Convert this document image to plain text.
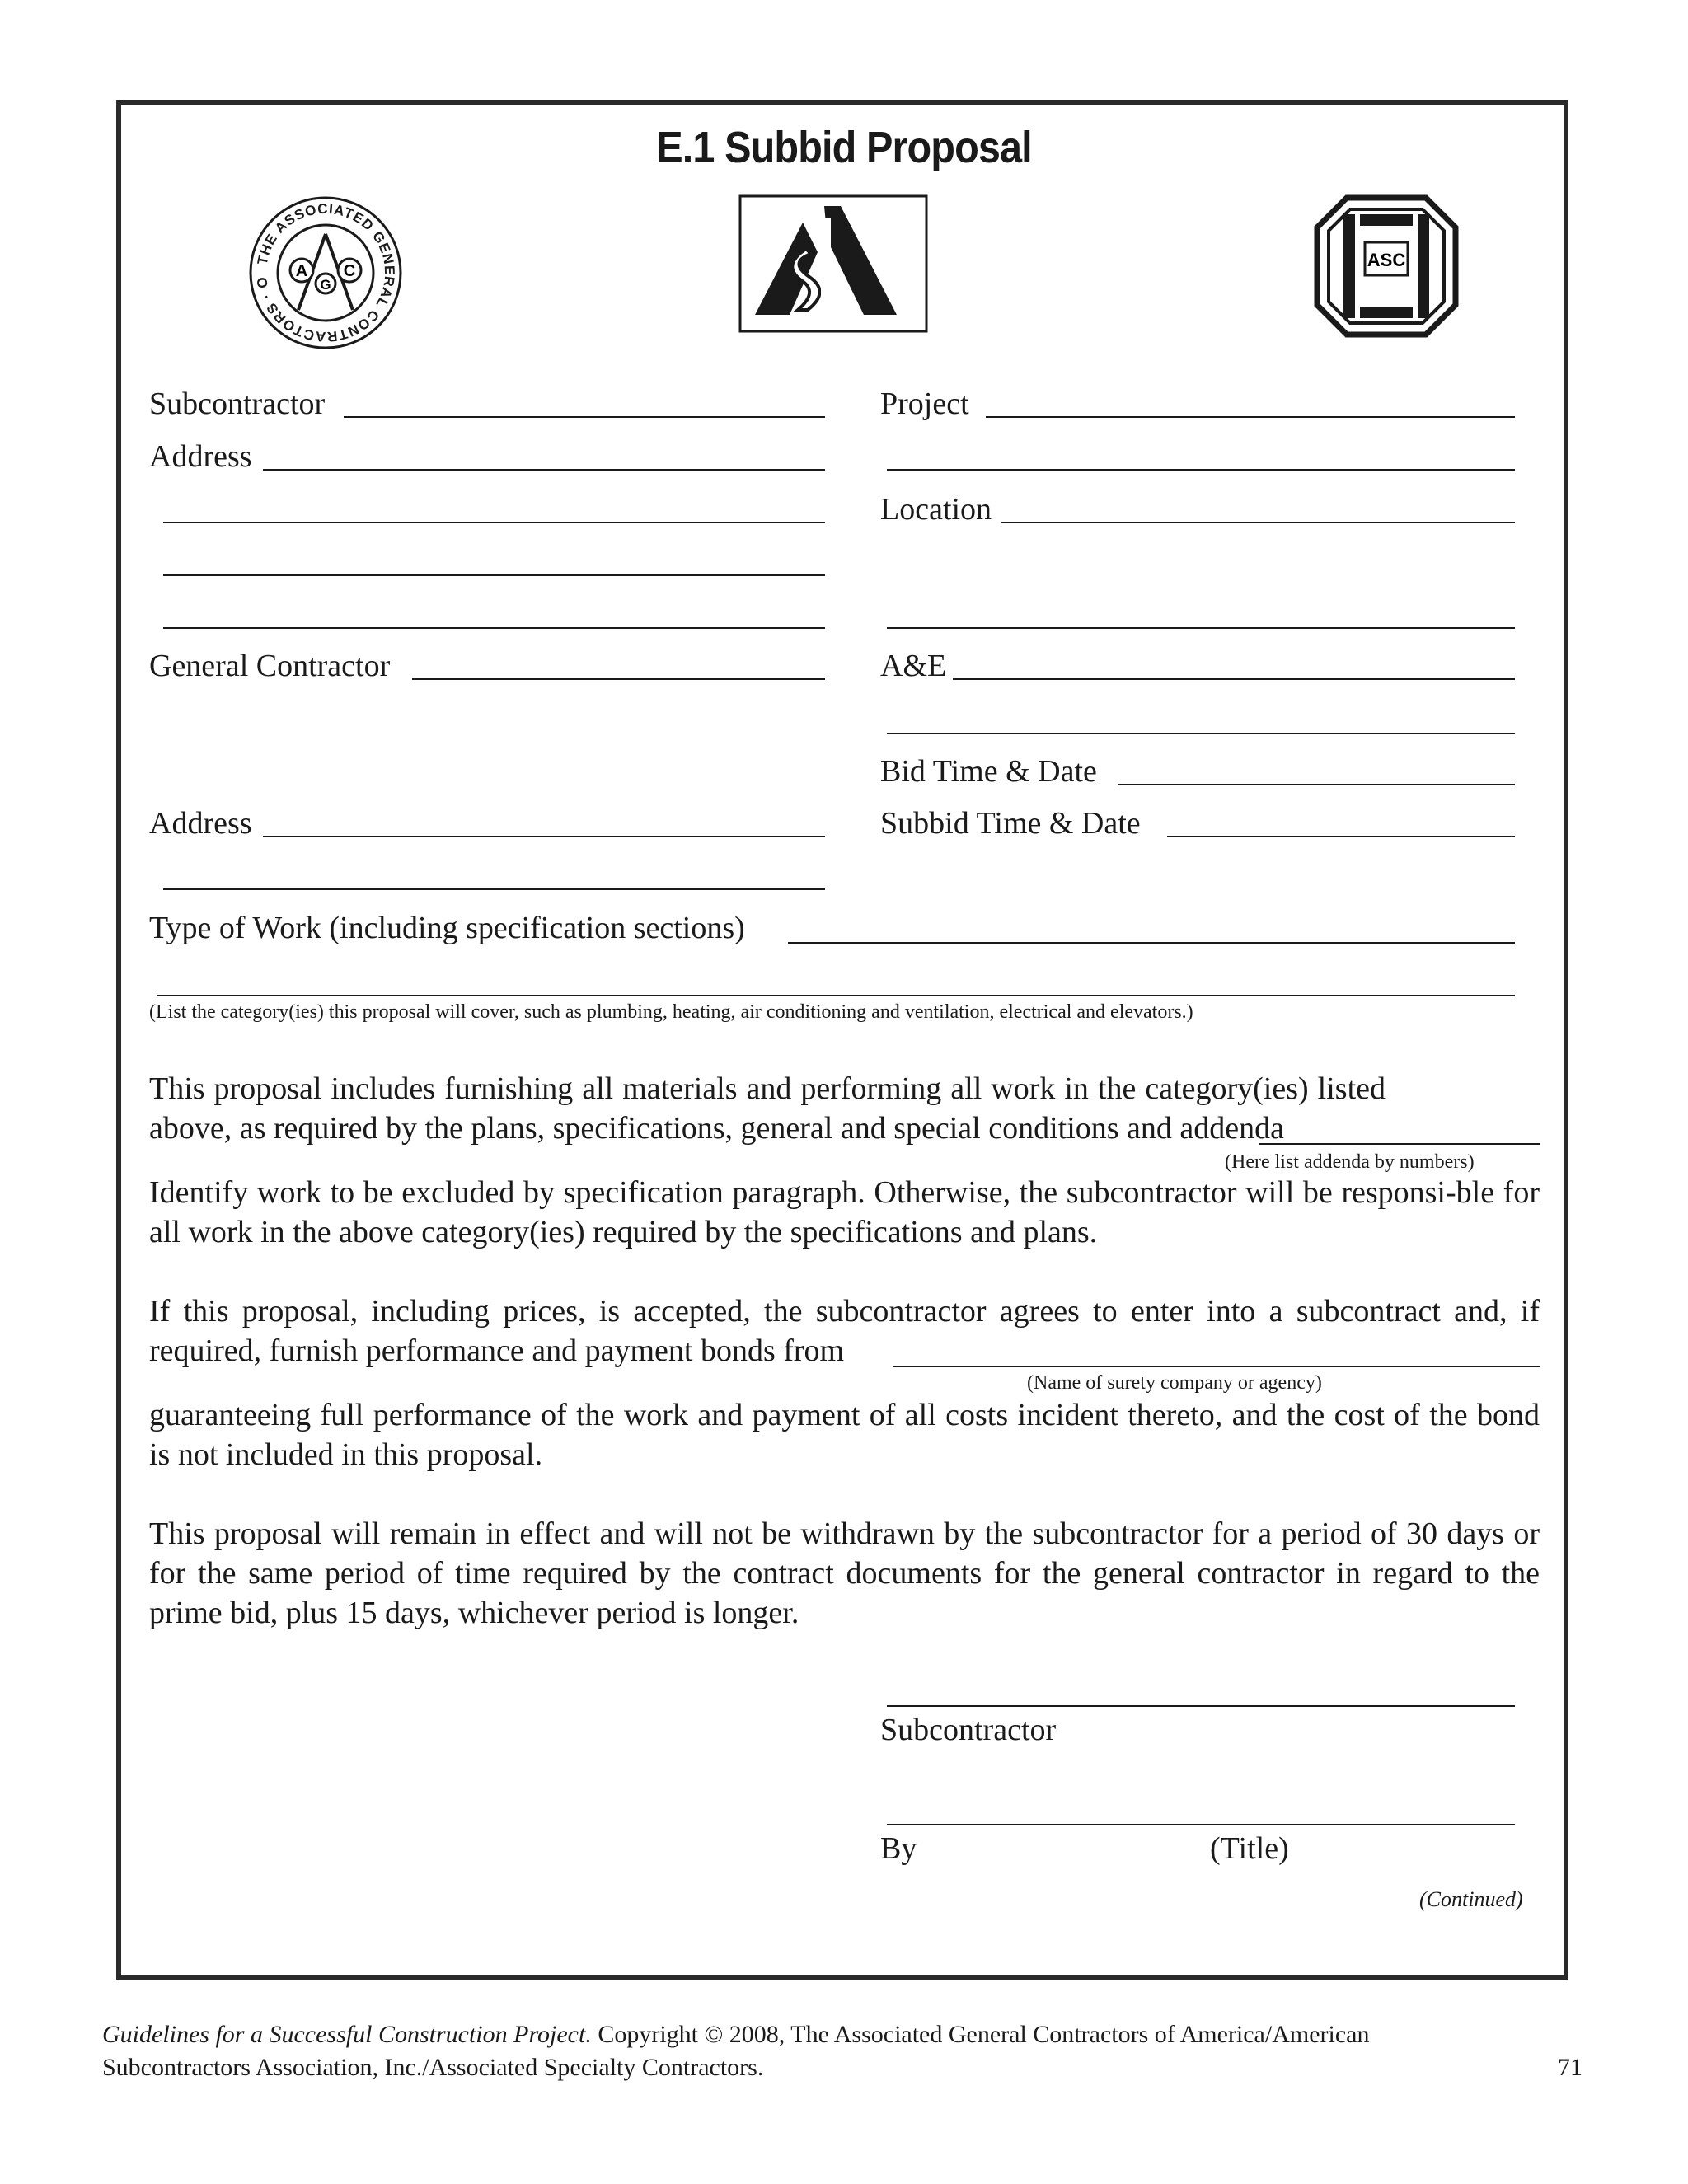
E.1 Subbid Proposal
THE ASSOCIATED GENERAL CONTRACTORS · O
A
G
C
ASC
Subcontractor
Address
General Contractor
Address
Project
Location
A&E
Bid Time & Date
Subbid Time & Date
Type of Work (including specification sections)
(List the category(ies) this proposal will cover, such as plumbing, heating, air conditioning and ventilation, electrical and elevators.)
This proposal includes furnishing all materials and performing all work in the category(ies) listed above, as required by the plans, specifications, general and special conditions and addenda
(Here list addenda by numbers)
Identify work to be excluded by specification paragraph. Otherwise, the subcontractor will be responsi-ble for all work in the above category(ies) required by the specifications and plans.
If this proposal, including prices, is accepted, the subcontractor agrees to enter into a subcontract and, if required, furnish performance and payment bonds from
(Name of surety company or agency)
guaranteeing full performance of the work and payment of all costs incident thereto, and the cost of the bond is not included in this proposal.
This proposal will remain in effect and will not be withdrawn by the subcontractor for a period of 30 days or for the same period of time required by the contract documents for the general contractor in regard to the prime bid, plus 15 days, whichever period is longer.
Subcontractor
By	(Title)
(Continued)
Guidelines for a Successful Construction Project. Copyright © 2008, The Associated General Contractors of America/American
Subcontractors Association, Inc./Associated Specialty Contractors.	71
